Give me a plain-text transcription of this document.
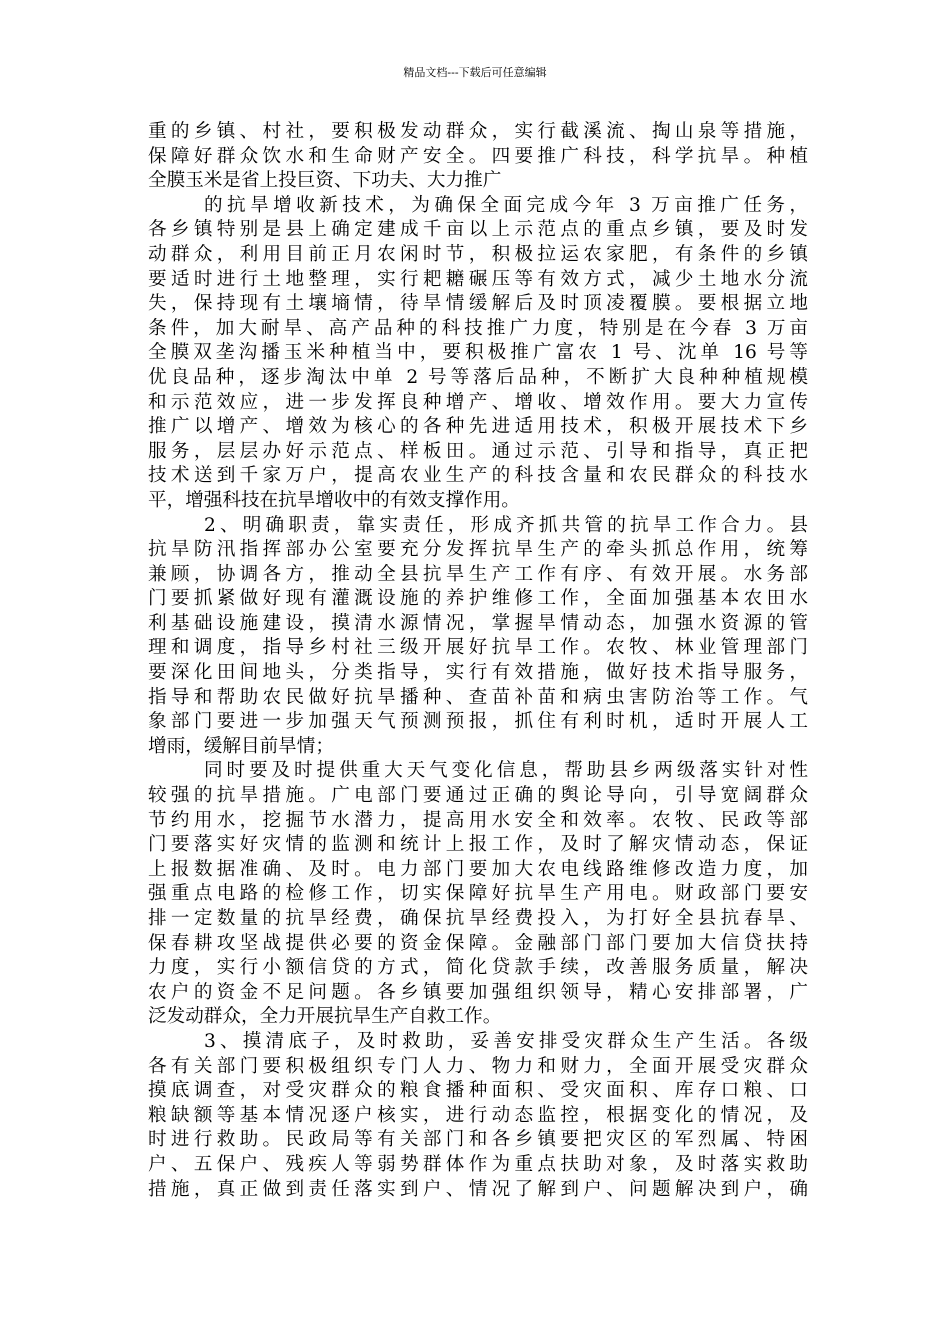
精品文档---下载后可任意编辑
重的乡镇、村社，要积极发动群众，实行截溪流、掏山泉等措施，
保障好群众饮水和生命财产安全。四要推广科技，科学抗旱。种植
全膜玉米是省上投巨资、下功夫、大力推广
的抗旱增收新技术，为确保全面完成今年 3 万亩推广任务，
各乡镇特别是县上确定建成千亩以上示范点的重点乡镇，要及时发
动群众，利用目前正月农闲时节，积极拉运农家肥，有条件的乡镇
要适时进行土地整理，实行耙耱碾压等有效方式，减少土地水分流
失，保持现有土壤墒情，待旱情缓解后及时顶凌覆膜。要根据立地
条件，加大耐旱、高产品种的科技推广力度，特别是在今春 3 万亩
全膜双垄沟播玉米种植当中，要积极推广富农 1 号、沈单 16 号等
优良品种，逐步淘汰中单 2 号等落后品种，不断扩大良种种植规模
和示范效应，进一步发挥良种增产、增收、增效作用。要大力宣传
推广以增产、增效为核心的各种先进适用技术，积极开展技术下乡
服务，层层办好示范点、样板田。通过示范、引导和指导，真正把
技术送到千家万户，提高农业生产的科技含量和农民群众的科技水
平，增强科技在抗旱增收中的有效支撑作用。
2、明确职责，靠实责任，形成齐抓共管的抗旱工作合力。县
抗旱防汛指挥部办公室要充分发挥抗旱生产的牵头抓总作用，统筹
兼顾，协调各方，推动全县抗旱生产工作有序、有效开展。水务部
门要抓紧做好现有灌溉设施的养护维修工作，全面加强基本农田水
利基础设施建设，摸清水源情况，掌握旱情动态，加强水资源的管
理和调度，指导乡村社三级开展好抗旱工作。农牧、林业管理部门
要深化田间地头，分类指导，实行有效措施，做好技术指导服务，
指导和帮助农民做好抗旱播种、查苗补苗和病虫害防治等工作。气
象部门要进一步加强天气预测预报，抓住有利时机，适时开展人工
增雨，缓解目前旱情；
同时要及时提供重大天气变化信息，帮助县乡两级落实针对性
较强的抗旱措施。广电部门要通过正确的舆论导向，引导宽阔群众
节约用水，挖掘节水潜力，提高用水安全和效率。农牧、民政等部
门要落实好灾情的监测和统计上报工作，及时了解灾情动态，保证
上报数据准确、及时。电力部门要加大农电线路维修改造力度，加
强重点电路的检修工作，切实保障好抗旱生产用电。财政部门要安
排一定数量的抗旱经费，确保抗旱经费投入，为打好全县抗春旱、
保春耕攻坚战提供必要的资金保障。金融部门部门要加大信贷扶持
力度，实行小额信贷的方式，简化贷款手续，改善服务质量，解决
农户的资金不足问题。各乡镇要加强组织领导，精心安排部署，广
泛发动群众，全力开展抗旱生产自救工作。
3、摸清底子，及时救助，妥善安排受灾群众生产生活。各级
各有关部门要积极组织专门人力、物力和财力，全面开展受灾群众
摸底调查，对受灾群众的粮食播种面积、受灾面积、库存口粮、口
粮缺额等基本情况逐户核实，进行动态监控，根据变化的情况，及
时进行救助。民政局等有关部门和各乡镇要把灾区的军烈属、特困
户、五保户、残疾人等弱势群体作为重点扶助对象，及时落实救助
措施，真正做到责任落实到户、情况了解到户、问题解决到户，确
